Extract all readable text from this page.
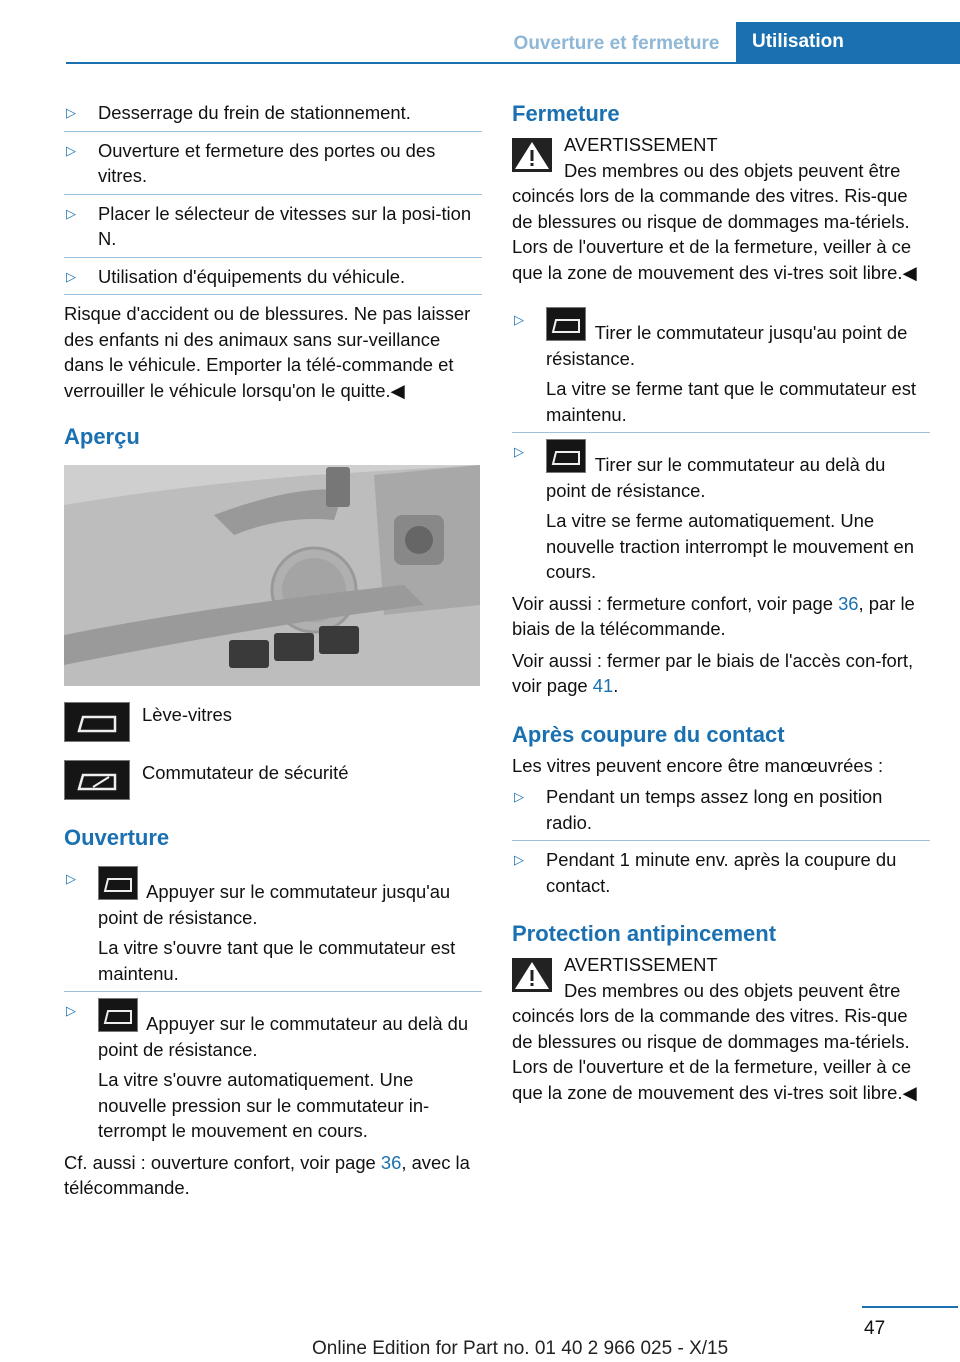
Ouverture et fermeture	Utilisation
▷ Desserrage du frein de stationnement.
▷ Ouverture et fermeture des portes ou des vitres.
▷ Placer le sélecteur de vitesses sur la posi-tion N.
▷ Utilisation d'équipements du véhicule.

Risque d'accident ou de blessures. Ne pas laisser des enfants ni des animaux sans sur-veillance dans le véhicule. Emporter la télé-commande et verrouiller le véhicule lorsqu'on le quitte.◀

Aperçu
Lève-vitres
Commutateur de sécurité
Ouverture
▷
Appuyer sur le commutateur jusqu'au point de résistance.

La vitre s'ouvre tant que le commutateur est maintenu.

▷
Appuyer sur le commutateur au delà du point de résistance.

La vitre s'ouvre automatiquement. Une nouvelle pression sur le commutateur in-terrompt le mouvement en cours.

Cf. aussi : ouverture confort, voir page 36, avec la télécommande.

Fermeture

AVERTISSEMENT

Des membres ou des objets peuvent être coincés lors de la commande des vitres. Ris-que de blessures ou risque de dommages ma-tériels. Lors de l'ouverture et de la fermeture, veiller à ce que la zone de mouvement des vi-tres soit libre.◀

▷
Tirer le commutateur jusqu'au point de résistance.

La vitre se ferme tant que le commutateur est maintenu.

▷
Tirer sur le commutateur au delà du point de résistance.

La vitre se ferme automatiquement. Une nouvelle traction interrompt le mouvement en cours.

Voir aussi : fermeture confort, voir page 36, par le biais de la télécommande.

Voir aussi : fermer par le biais de l'accès con-fort, voir page 41.

Après coupure du contact

Les vitres peuvent encore être manœuvrées :

▷ Pendant un temps assez long en position radio.
▷ Pendant 1 minute env. après la coupure du contact.
Protection antipincement

AVERTISSEMENT

Des membres ou des objets peuvent être coincés lors de la commande des vitres. Ris-que de blessures ou risque de dommages ma-tériels. Lors de l'ouverture et de la fermeture, veiller à ce que la zone de mouvement des vi-tres soit libre.◀

47
Online Edition for Part no. 01 40 2 966 025 - X/15
